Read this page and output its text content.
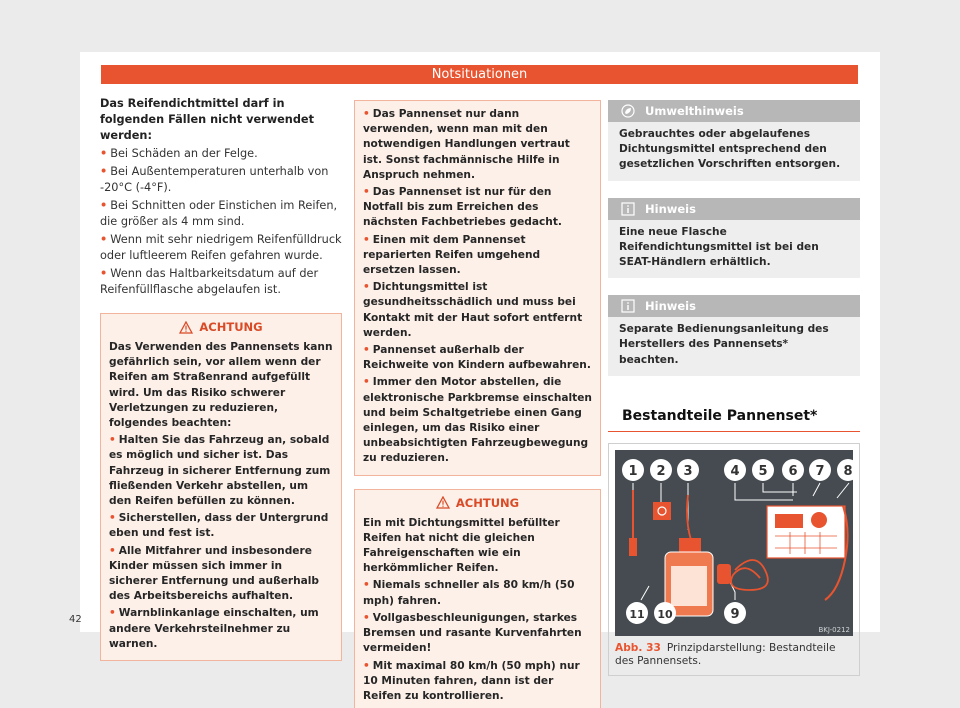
Notsituationen
Das Reifendichtmittel darf in folgenden Fällen nicht verwendet werden:
• Bei Schäden an der Felge.
• Bei Außentemperaturen unterhalb von -20°C (-4°F).
• Bei Schnitten oder Einstichen im Reifen, die größer als 4 mm sind.
• Wenn mit sehr niedrigem Reifenfülldruck oder luftleerem Reifen gefahren wurde.
• Wenn das Haltbarkeitsdatum auf der Reifenfüllflasche abgelaufen ist.
ACHTUNG

Das Verwenden des Pannensets kann gefährlich sein, vor allem wenn der Reifen am Straßenrand aufgefüllt wird. Um das Risiko schwerer Verletzungen zu reduzieren, folgendes beachten:

• Halten Sie das Fahrzeug an, sobald es möglich und sicher ist. Das Fahrzeug in sicherer Entfernung zum fließenden Verkehr abstellen, um den Reifen befüllen zu können.
• Sicherstellen, dass der Untergrund eben und fest ist.
• Alle Mitfahrer und insbesondere Kinder müssen sich immer in sicherer Entfernung und außerhalb des Arbeitsbereichs aufhalten.
• Warnblinkanlage einschalten, um andere Verkehrsteilnehmer zu warnen.
• Das Pannenset nur dann verwenden, wenn man mit den notwendigen Handlungen vertraut ist. Sonst fachmännische Hilfe in Anspruch nehmen.
• Das Pannenset ist nur für den Notfall bis zum Erreichen des nächsten Fachbetriebes gedacht.
• Einen mit dem Pannenset reparierten Reifen umgehend ersetzen lassen.
• Dichtungsmittel ist gesundheitsschädlich und muss bei Kontakt mit der Haut sofort entfernt werden.
• Pannenset außerhalb der Reichweite von Kindern aufbewahren.
• Immer den Motor abstellen, die elektronische Parkbremse einschalten und beim Schaltgetriebe einen Gang einlegen, um das Risiko einer unbeabsichtigten Fahrzeugbewegung zu reduzieren.
ACHTUNG

Ein mit Dichtungsmittel befüllter Reifen hat nicht die gleichen Fahreigenschaften wie ein herkömmlicher Reifen.

• Niemals schneller als 80 km/h (50 mph) fahren.
• Vollgasbeschleunigungen, starkes Bremsen und rasante Kurvenfahrten vermeiden!
• Mit maximal 80 km/h (50 mph) nur 10 Minuten fahren, dann ist der Reifen zu kontrollieren.
Umwelthinweis
Gebrauchtes oder abgelaufenes Dichtungsmittel entsprechend den gesetzlichen Vorschriften entsorgen.
Hinweis
Eine neue Flasche Reifendichtungsmittel ist bei den SEAT-Händlern erhältlich.
Hinweis
Separate Bedienungsanleitung des Herstellers des Pannensets* beachten.
Bestandteile Pannenset*
1 2 3	4 5 6 7 8
9
10
11
BKJ-0212
Abb. 33 Prinzipdarstellung: Bestandteile des Pannensets.
42
